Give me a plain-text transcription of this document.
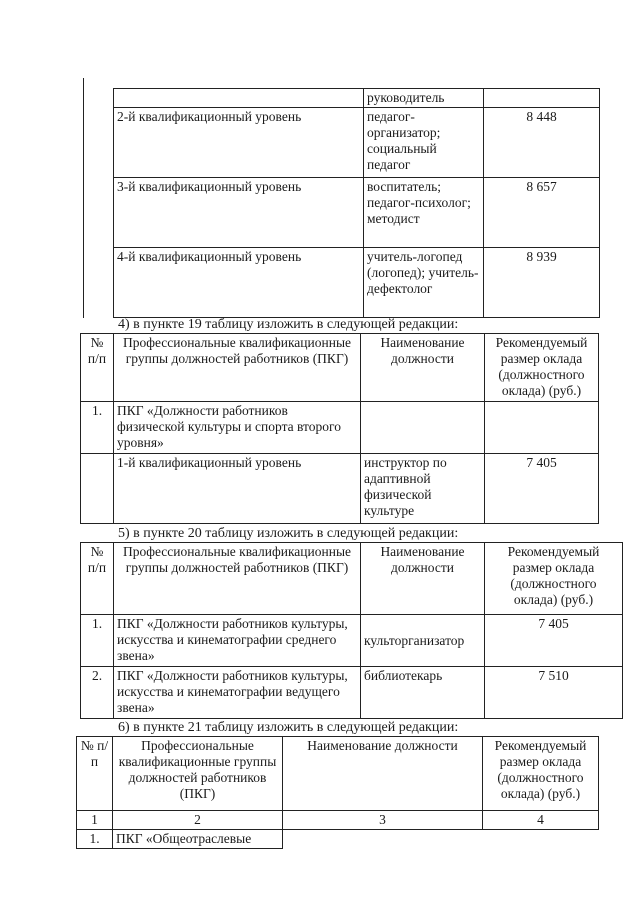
	руководитель	
2-й квалификационный уровень	педагог-организатор; социальный педагог	8 448
3-й квалификационный уровень	воспитатель; педагог-психолог; методист	8 657
4-й квалификационный уровень	учитель-логопед (логопед); учитель-дефектолог	8 939
4) в пункте 19 таблицу изложить в следующей редакции:
№ п/п	Профессиональные квалификационные группы должностей работников (ПКГ)	Наименование должности	Рекомендуемый размер оклада (должностного оклада) (руб.)
1.	ПКГ «Должности работников физической культуры и спорта второго уровня»		
	1-й квалификационный уровень	инструктор по адаптивной физической культуре	7 405
5) в пункте 20 таблицу изложить в следующей редакции:
№ п/п	Профессиональные квалификационные группы должностей работников (ПКГ)	Наименование должности	Рекомендуемый размер оклада (должностного оклада) (руб.)
1.	ПКГ «Должности работников культуры, искусства и кинематографии среднего звена»	культорганизатор	7 405
2.	ПКГ «Должности работников культуры, искусства и кинематографии ведущего звена»	библиотекарь	7 510
6) в пункте 21 таблицу изложить в следующей редакции:
№ п/п	Профессиональные квалификационные группы должностей работников (ПКГ)	Наименование должности	Рекомендуемый размер оклада (должностного оклада) (руб.)
1	2	3	4
1.	ПКГ «Общеотраслевые		
